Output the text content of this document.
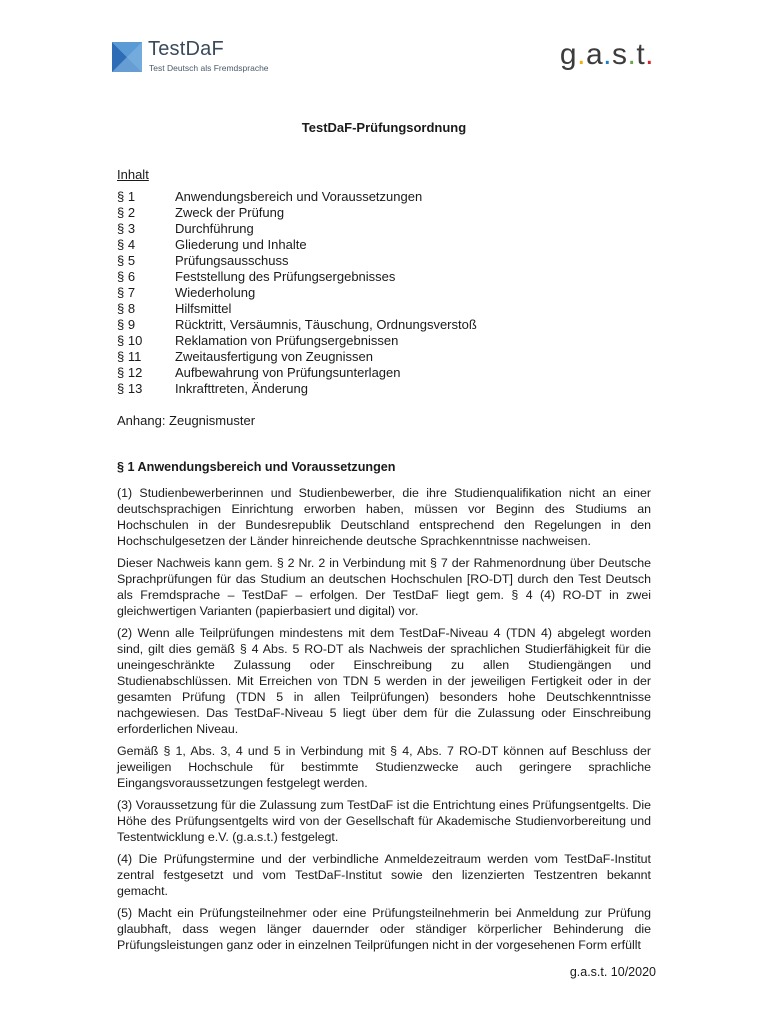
TestDaF
Test Deutsch als Fremdsprache	g.a.s.t.
TestDaF-Prüfungsordnung
Inhalt
§ 1	Anwendungsbereich und Voraussetzungen
§ 2	Zweck der Prüfung
§ 3	Durchführung
§ 4	Gliederung und Inhalte
§ 5	Prüfungsausschuss
§ 6	Feststellung des Prüfungsergebnisses
§ 7	Wiederholung
§ 8	Hilfsmittel
§ 9	Rücktritt, Versäumnis, Täuschung, Ordnungsverstoß
§ 10	Reklamation von Prüfungsergebnissen
§ 11	Zweitausfertigung von Zeugnissen
§ 12	Aufbewahrung von Prüfungsunterlagen
§ 13	Inkrafttreten, Änderung
Anhang: Zeugnismuster
§ 1 Anwendungsbereich und Voraussetzungen

(1) Studienbewerberinnen und Studienbewerber, die ihre Studienqualifikation nicht an einer deutschsprachigen Einrichtung erworben haben, müssen vor Beginn des Studiums an Hochschulen in der Bundesrepublik Deutschland entsprechend den Regelungen in den Hochschulgesetzen der Länder hinreichende deutsche Sprachkenntnisse nachweisen.

Dieser Nachweis kann gem. § 2 Nr. 2 in Verbindung mit § 7 der Rahmenordnung über Deutsche Sprachprüfungen für das Studium an deutschen Hochschulen [RO-DT] durch den Test Deutsch als Fremdsprache – TestDaF – erfolgen. Der TestDaF liegt gem. § 4 (4) RO-DT in zwei gleichwertigen Varianten (papierbasiert und digital) vor.

(2) Wenn alle Teilprüfungen mindestens mit dem TestDaF-Niveau 4 (TDN 4) abgelegt worden sind, gilt dies gemäß § 4 Abs. 5 RO-DT als Nachweis der sprachlichen Studierfähigkeit für die uneingeschränkte Zulassung oder Einschreibung zu allen Studiengängen und Studienabschlüssen. Mit Erreichen von TDN 5 werden in der jeweiligen Fertigkeit oder in der gesamten Prüfung (TDN 5 in allen Teilprüfungen) besonders hohe Deutschkenntnisse nachgewiesen. Das TestDaF-Niveau 5 liegt über dem für die Zulassung oder Einschreibung erforderlichen Niveau.

Gemäß § 1, Abs. 3, 4 und 5 in Verbindung mit § 4, Abs. 7 RO-DT können auf Beschluss der jeweiligen Hochschule für bestimmte Studienzwecke auch geringere sprachliche Eingangsvoraussetzungen festgelegt werden.

(3) Voraussetzung für die Zulassung zum TestDaF ist die Entrichtung eines Prüfungsentgelts. Die Höhe des Prüfungsentgelts wird von der Gesellschaft für Akademische Studienvorbereitung und Testentwicklung e.V. (g.a.s.t.) festgelegt.

(4) Die Prüfungstermine und der verbindliche Anmeldezeitraum werden vom TestDaF-Institut zentral festgesetzt und vom TestDaF-Institut sowie den lizenzierten Testzentren bekannt gemacht.

(5) Macht ein Prüfungsteilnehmer oder eine Prüfungsteilnehmerin bei Anmeldung zur Prüfung glaubhaft, dass wegen länger dauernder oder ständiger körperlicher Behinderung die Prüfungsleistungen ganz oder in einzelnen Teilprüfungen nicht in der vorgesehenen Form erfüllt

g.a.s.t. 10/2020
